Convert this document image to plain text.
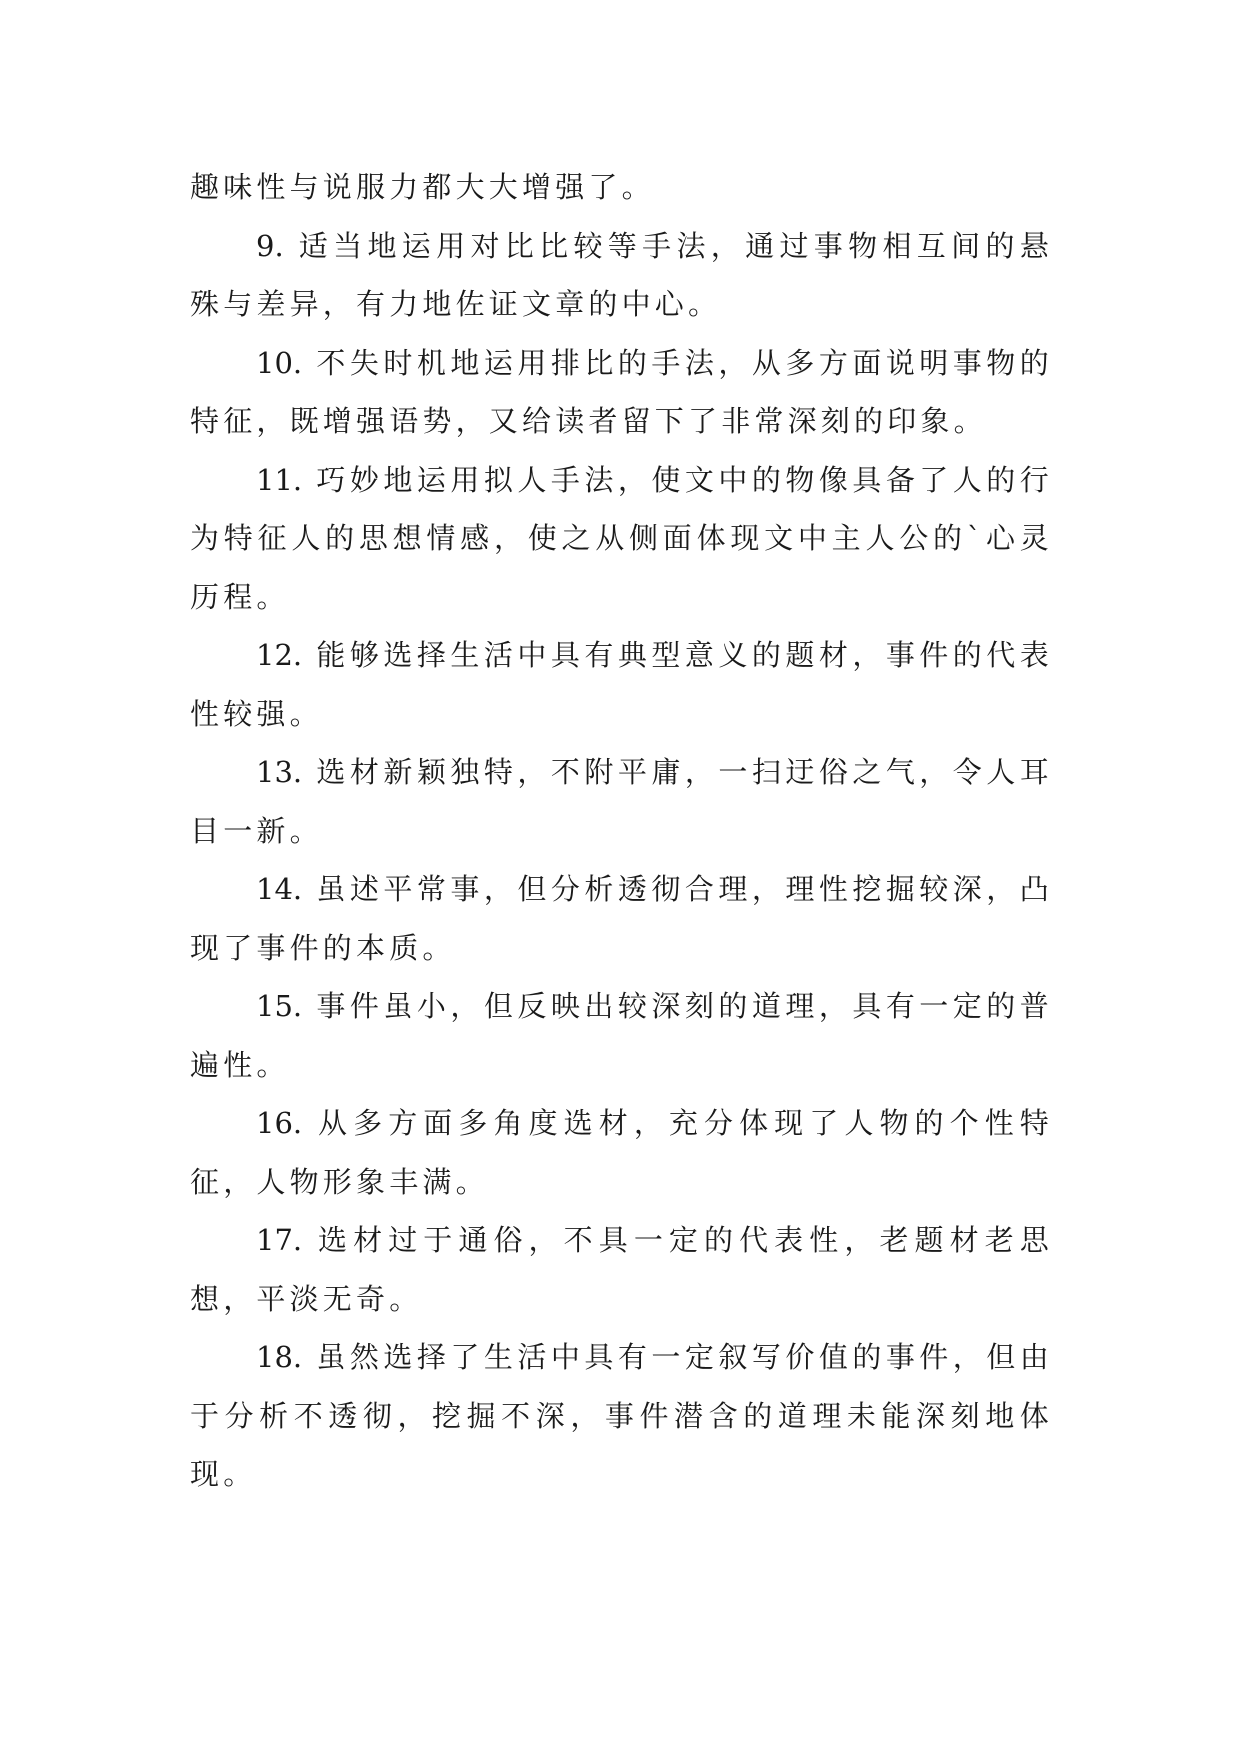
趣味性与说服力都大大增强了。

9. 适当地运用对比比较等手法，通过事物相互间的悬殊与差异，有力地佐证文章的中心。

10. 不失时机地运用排比的手法，从多方面说明事物的特征，既增强语势，又给读者留下了非常深刻的印象。

11. 巧妙地运用拟人手法，使文中的物像具备了人的行为特征人的思想情感，使之从侧面体现文中主人公的`心灵历程。

12. 能够选择生活中具有典型意义的题材，事件的代表性较强。

13. 选材新颖独特，不附平庸，一扫迂俗之气，令人耳目一新。

14. 虽述平常事，但分析透彻合理，理性挖掘较深，凸现了事件的本质。

15. 事件虽小，但反映出较深刻的道理，具有一定的普遍性。

16. 从多方面多角度选材，充分体现了人物的个性特征，人物形象丰满。

17. 选材过于通俗，不具一定的代表性，老题材老思想，平淡无奇。

18. 虽然选择了生活中具有一定叙写价值的事件，但由于分析不透彻，挖掘不深，事件潜含的道理未能深刻地体现。
